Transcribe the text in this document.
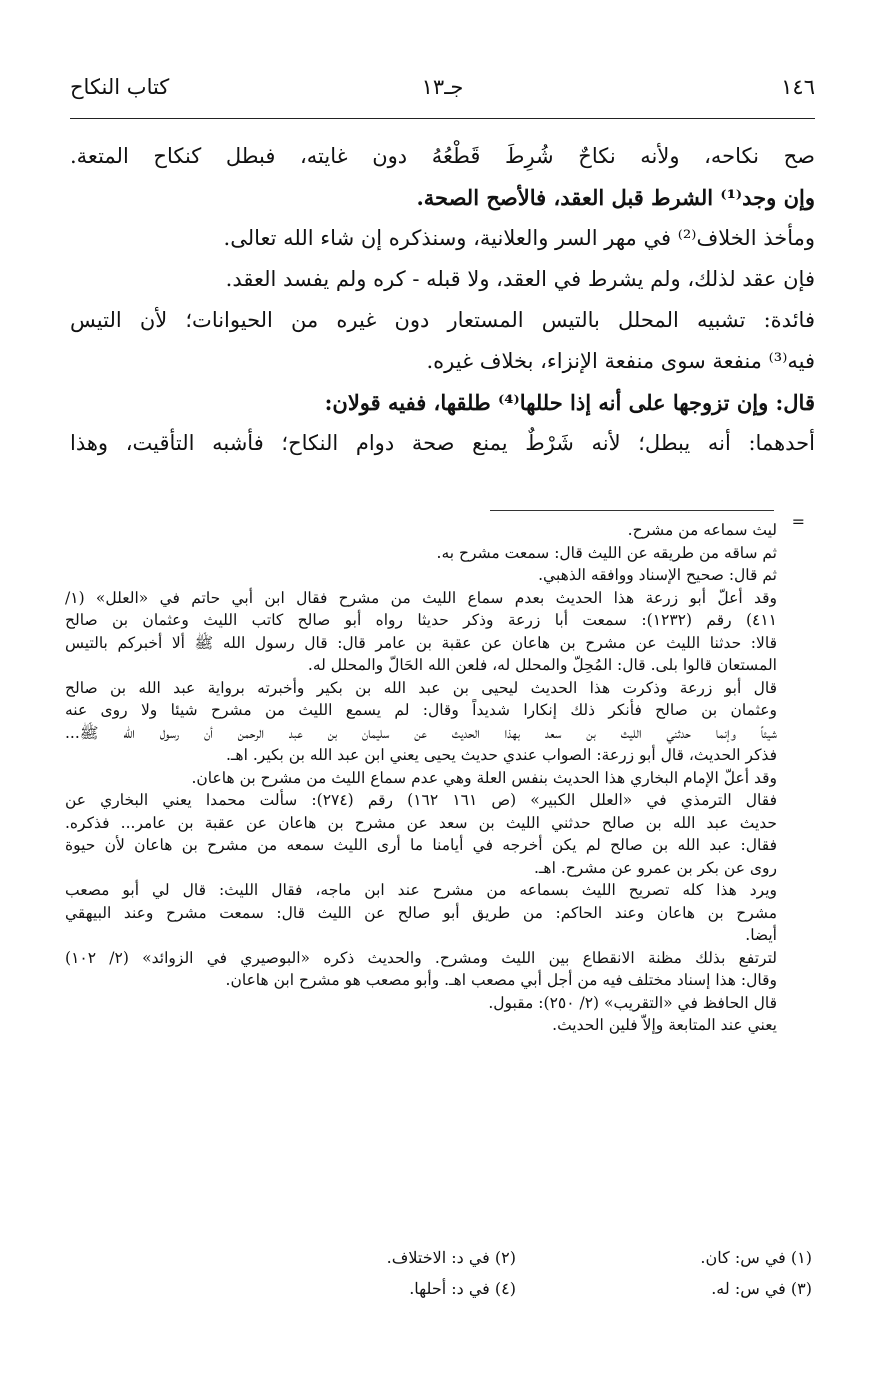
١٤٦
جـ١٣
كتاب النكاح

صح نكاحه، ولأنه نكاحٌ شُرِطَ قَطْعُهُ دون غايته، فبطل كنكاح المتعة.

وإن وجد⁽¹⁾ الشرط قبل العقد، فالأصح الصحة.

ومأخذ الخلاف⁽²⁾ في مهر السر والعلانية، وسنذكره إن شاء الله تعالى.

فإن عقد لذلك، ولم يشرط في العقد، ولا قبله - كره ولم يفسد العقد.

فائدة: تشبيه المحلل بالتيس المستعار دون غيره من الحيوانات؛ لأن التيس

فيه⁽³⁾ منفعة سوى منفعة الإنزاء، بخلاف غيره.

قال: وإن تزوجها على أنه إذا حللها⁽⁴⁾ طلقها، ففيه قولان:

أحدهما: أنه يبطل؛ لأنه شَرْطٌ يمنع صحة دوام النكاح؛ فأشبه التأقيت، وهذا

=

ليث سماعه من مشرح.

ثم ساقه من طريقه عن الليث قال: سمعت مشرح به.

ثم قال: صحيح الإسناد ووافقه الذهبي.

وقد أعلّ أبو زرعة هذا الحديث بعدم سماع الليث من مشرح فقال ابن أبي حاتم في «العلل» (١/

٤١١) رقم (١٢٣٢): سمعت أبا زرعة وذكر حديثا رواه أبو صالح كاتب الليث وعثمان بن صالح

قالا: حدثنا الليث عن مشرح بن هاعان عن عقبة بن عامر قال: قال رسول الله ﷺ ألا أخبركم بالتيس

المستعان قالوا بلى. قال: المُحِلّ والمحلل له، فلعن الله الحَالّ والمحلل له.

قال أبو زرعة وذكرت هذا الحديث ليحيى بن عبد الله بن بكير وأخبرته برواية عبد الله بن صالح

وعثمان بن صالح فأنكر ذلك إنكارا شديداً وقال: لم يسمع الليث من مشرح شيئا ولا روى عنه

شيئاً وإنما حدثني الليث بن سعد بهذا الحديث عن سليمان بن عبد الرحمن أن رسول الله ﷺ...

فذكر الحديث، قال أبو زرعة: الصواب عندي حديث يحيى يعني ابن عبد الله بن بكير. اهـ.

وقد أعلّ الإمام البخاري هذا الحديث بنفس العلة وهي عدم سماع الليث من مشرح بن هاعان.

فقال الترمذي في «العلل الكبير» (ص ١٦١ ١٦٢) رقم (٢٧٤): سألت محمدا يعني البخاري عن

حديث عبد الله بن صالح حدثني الليث بن سعد عن مشرح بن هاعان عن عقبة بن عامر... فذكره.

فقال: عبد الله بن صالح لم يكن أخرجه في أيامنا ما أرى الليث سمعه من مشرح بن هاعان لأن حيوة

روى عن بكر بن عمرو عن مشرح. اهـ.

ويرد هذا كله تصريح الليث بسماعه من مشرح عند ابن ماجه، فقال الليث: قال لي أبو مصعب

مشرح بن هاعان وعند الحاكم: من طريق أبو صالح عن الليث قال: سمعت مشرح وعند البيهقي

أيضا.

لترتفع بذلك مظنة الانقطاع بين الليث ومشرح. والحديث ذكره «البوصيري في الزوائد» (٢/ ١٠٢)

وقال: هذا إسناد مختلف فيه من أجل أبي مصعب اهـ. وأبو مصعب هو مشرح ابن هاعان.

قال الحافظ في «التقريب» (٢/ ٢٥٠): مقبول.

يعني عند المتابعة وإلاّ فلين الحديث.

(١) في س: كان.
(٢) في د: الاختلاف.
(٣) في س: له.
(٤) في د: أحلها.
